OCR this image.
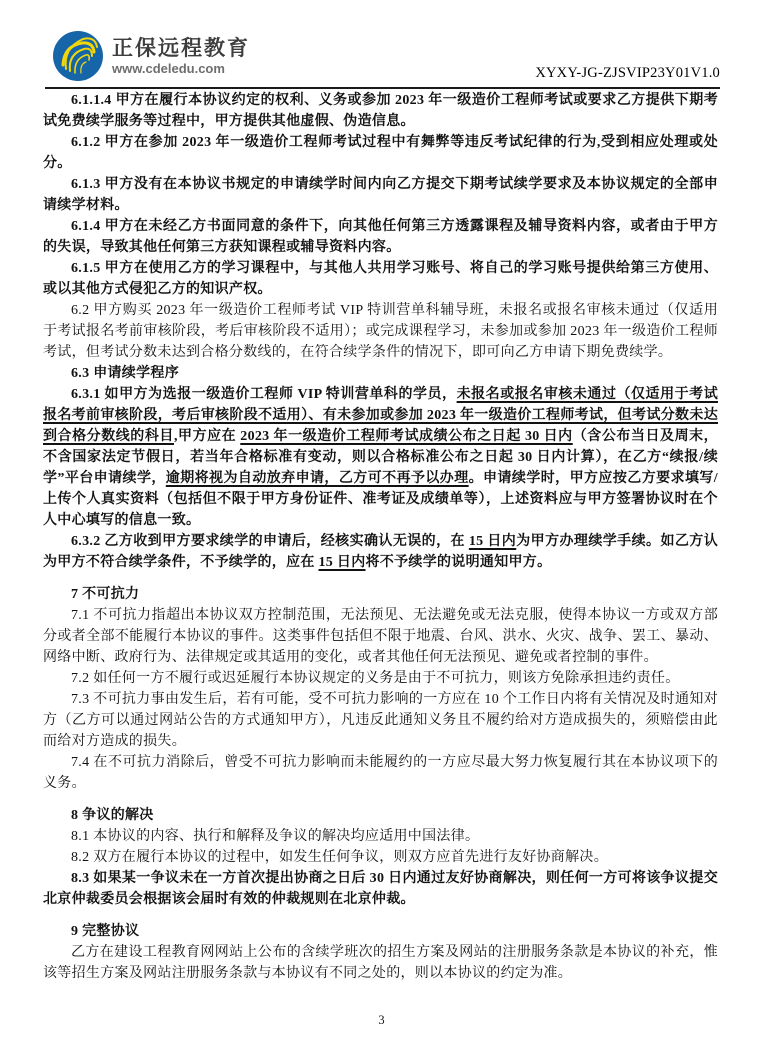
正保远程教育
www.cdeledu.com	XYXY-JG-ZJSVIP23Y01V1.0

6.1.1.4 甲方在履行本协议约定的权利、义务或参加 2023 年一级造价工程师考试或要求乙方提供下期考试免费续学服务等过程中，甲方提供其他虚假、伪造信息。

6.1.2 甲方在参加 2023 年一级造价工程师考试过程中有舞弊等违反考试纪律的行为,受到相应处理或处分。

6.1.3 甲方没有在本协议书规定的申请续学时间内向乙方提交下期考试续学要求及本协议规定的全部申请续学材料。

6.1.4 甲方在未经乙方书面同意的条件下，向其他任何第三方透露课程及辅导资料内容，或者由于甲方的失误，导致其他任何第三方获知课程或辅导资料内容。

6.1.5 甲方在使用乙方的学习课程中，与其他人共用学习账号、将自己的学习账号提供给第三方使用、或以其他方式侵犯乙方的知识产权。

6.2 甲方购买 2023 年一级造价工程师考试 VIP 特训营单科辅导班，未报名或报名审核未通过（仅适用于考试报名考前审核阶段，考后审核阶段不适用）；或完成课程学习，未参加或参加 2023 年一级造价工程师考试，但考试分数未达到合格分数线的，在符合续学条件的情况下，即可向乙方申请下期免费续学。

6.3 申请续学程序

6.3.1 如甲方为选报一级造价工程师 VIP 特训营单科的学员，未报名或报名审核未通过（仅适用于考试报名考前审核阶段，考后审核阶段不适用）、有未参加或参加 2023 年一级造价工程师考试，但考试分数未达到合格分数线的科目,甲方应在 2023 年一级造价工程师考试成绩公布之日起 30 日内（含公布当日及周末，不含国家法定节假日，若当年合格标准有变动，则以合格标准公布之日起 30 日内计算），在乙方“续报/续学”平台申请续学，逾期将视为自动放弃申请，乙方可不再予以办理。申请续学时，甲方应按乙方要求填写/上传个人真实资料（包括但不限于甲方身份证件、准考证及成绩单等），上述资料应与甲方签署协议时在个人中心填写的信息一致。

6.3.2 乙方收到甲方要求续学的申请后，经核实确认无误的，在 15 日内为甲方办理续学手续。如乙方认为甲方不符合续学条件，不予续学的，应在 15 日内将不予续学的说明通知甲方。

7 不可抗力

7.1 不可抗力指超出本协议双方控制范围，无法预见、无法避免或无法克服，使得本协议一方或双方部分或者全部不能履行本协议的事件。这类事件包括但不限于地震、台风、洪水、火灾、战争、罢工、暴动、网络中断、政府行为、法律规定或其适用的变化，或者其他任何无法预见、避免或者控制的事件。

7.2 如任何一方不履行或迟延履行本协议规定的义务是由于不可抗力，则该方免除承担违约责任。

7.3 不可抗力事由发生后，若有可能，受不可抗力影响的一方应在 10 个工作日内将有关情况及时通知对方（乙方可以通过网站公告的方式通知甲方），凡违反此通知义务且不履约给对方造成损失的，须赔偿由此而给对方造成的损失。

7.4 在不可抗力消除后，曾受不可抗力影响而未能履约的一方应尽最大努力恢复履行其在本协议项下的义务。

8 争议的解决

8.1 本协议的内容、执行和解释及争议的解决均应适用中国法律。

8.2 双方在履行本协议的过程中，如发生任何争议，则双方应首先进行友好协商解决。

8.3 如果某一争议未在一方首次提出协商之日后 30 日内通过友好协商解决，则任何一方可将该争议提交北京仲裁委员会根据该会届时有效的仲裁规则在北京仲裁。

9 完整协议

乙方在建设工程教育网网站上公布的含续学班次的招生方案及网站的注册服务条款是本协议的补充，惟该等招生方案及网站注册服务条款与本协议有不同之处的，则以本协议的约定为准。

3
